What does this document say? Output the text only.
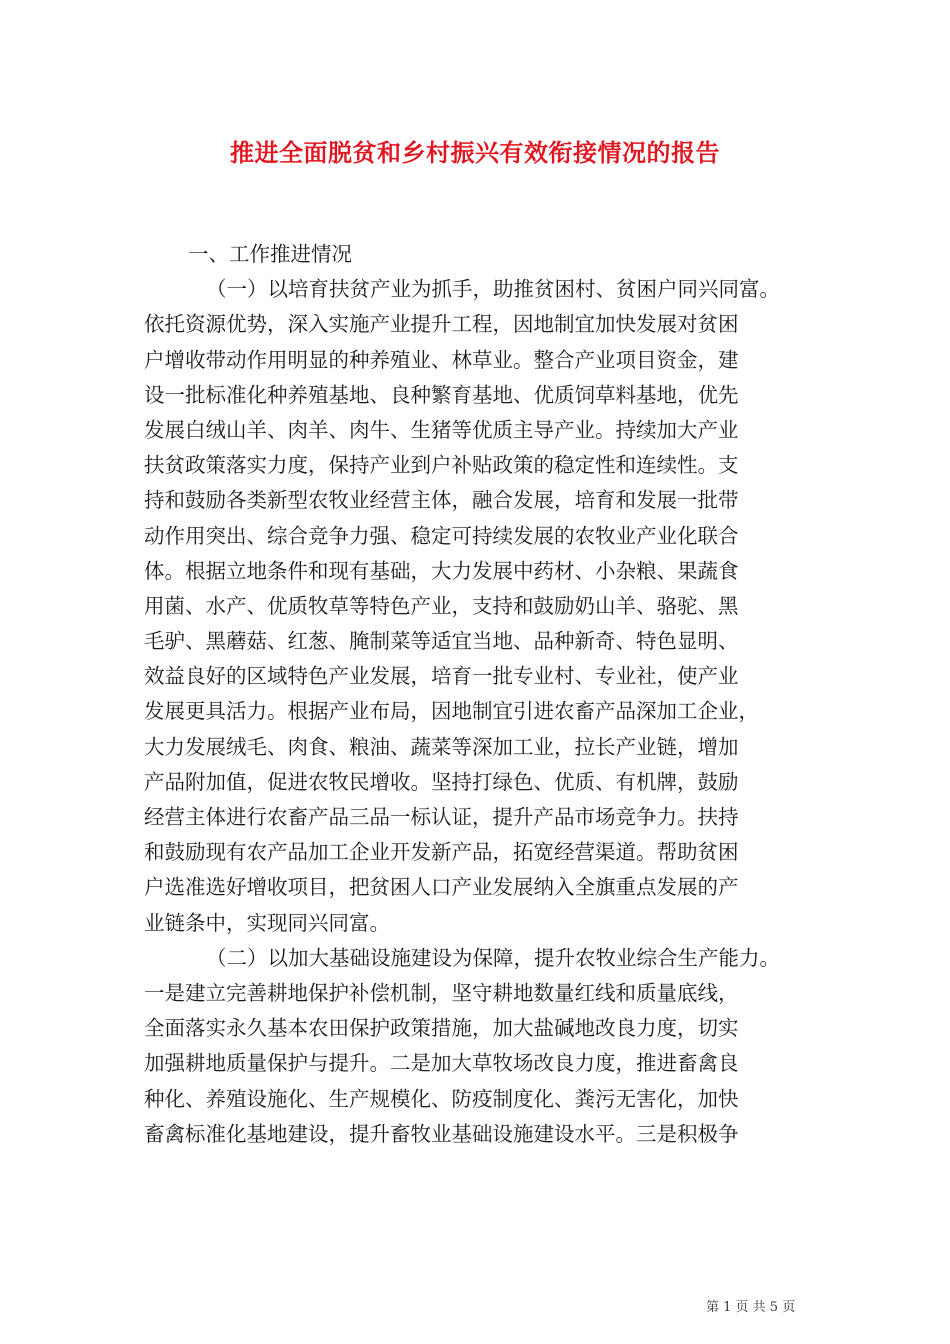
推进全面脱贫和乡村振兴有效衔接情况的报告
一、工作推进情况
（一）以培育扶贫产业为抓手，助推贫困村、贫困户同兴同富。
依托资源优势，深入实施产业提升工程，因地制宜加快发展对贫困
户增收带动作用明显的种养殖业、林草业。整合产业项目资金，建
设一批标准化种养殖基地、良种繁育基地、优质饲草料基地，优先
发展白绒山羊、肉羊、肉牛、生猪等优质主导产业。持续加大产业
扶贫政策落实力度，保持产业到户补贴政策的稳定性和连续性。支
持和鼓励各类新型农牧业经营主体，融合发展，培育和发展一批带
动作用突出、综合竞争力强、稳定可持续发展的农牧业产业化联合
体。根据立地条件和现有基础，大力发展中药材、小杂粮、果蔬食
用菌、水产、优质牧草等特色产业，支持和鼓励奶山羊、骆驼、黑
毛驴、黑蘑菇、红葱、腌制菜等适宜当地、品种新奇、特色显明、
效益良好的区域特色产业发展，培育一批专业村、专业社，使产业
发展更具活力。根据产业布局，因地制宜引进农畜产品深加工企业，
大力发展绒毛、肉食、粮油、蔬菜等深加工业，拉长产业链，增加
产品附加值，促进农牧民增收。坚持打绿色、优质、有机牌，鼓励
经营主体进行农畜产品三品一标认证，提升产品市场竞争力。扶持
和鼓励现有农产品加工企业开发新产品，拓宽经营渠道。帮助贫困
户选准选好增收项目，把贫困人口产业发展纳入全旗重点发展的产
业链条中，实现同兴同富。
（二）以加大基础设施建设为保障，提升农牧业综合生产能力。
一是建立完善耕地保护补偿机制，坚守耕地数量红线和质量底线，
全面落实永久基本农田保护政策措施，加大盐碱地改良力度，切实
加强耕地质量保护与提升。二是加大草牧场改良力度，推进畜禽良
种化、养殖设施化、生产规模化、防疫制度化、粪污无害化，加快
畜禽标准化基地建设，提升畜牧业基础设施建设水平。三是积极争
第 1 页 共 5 页
